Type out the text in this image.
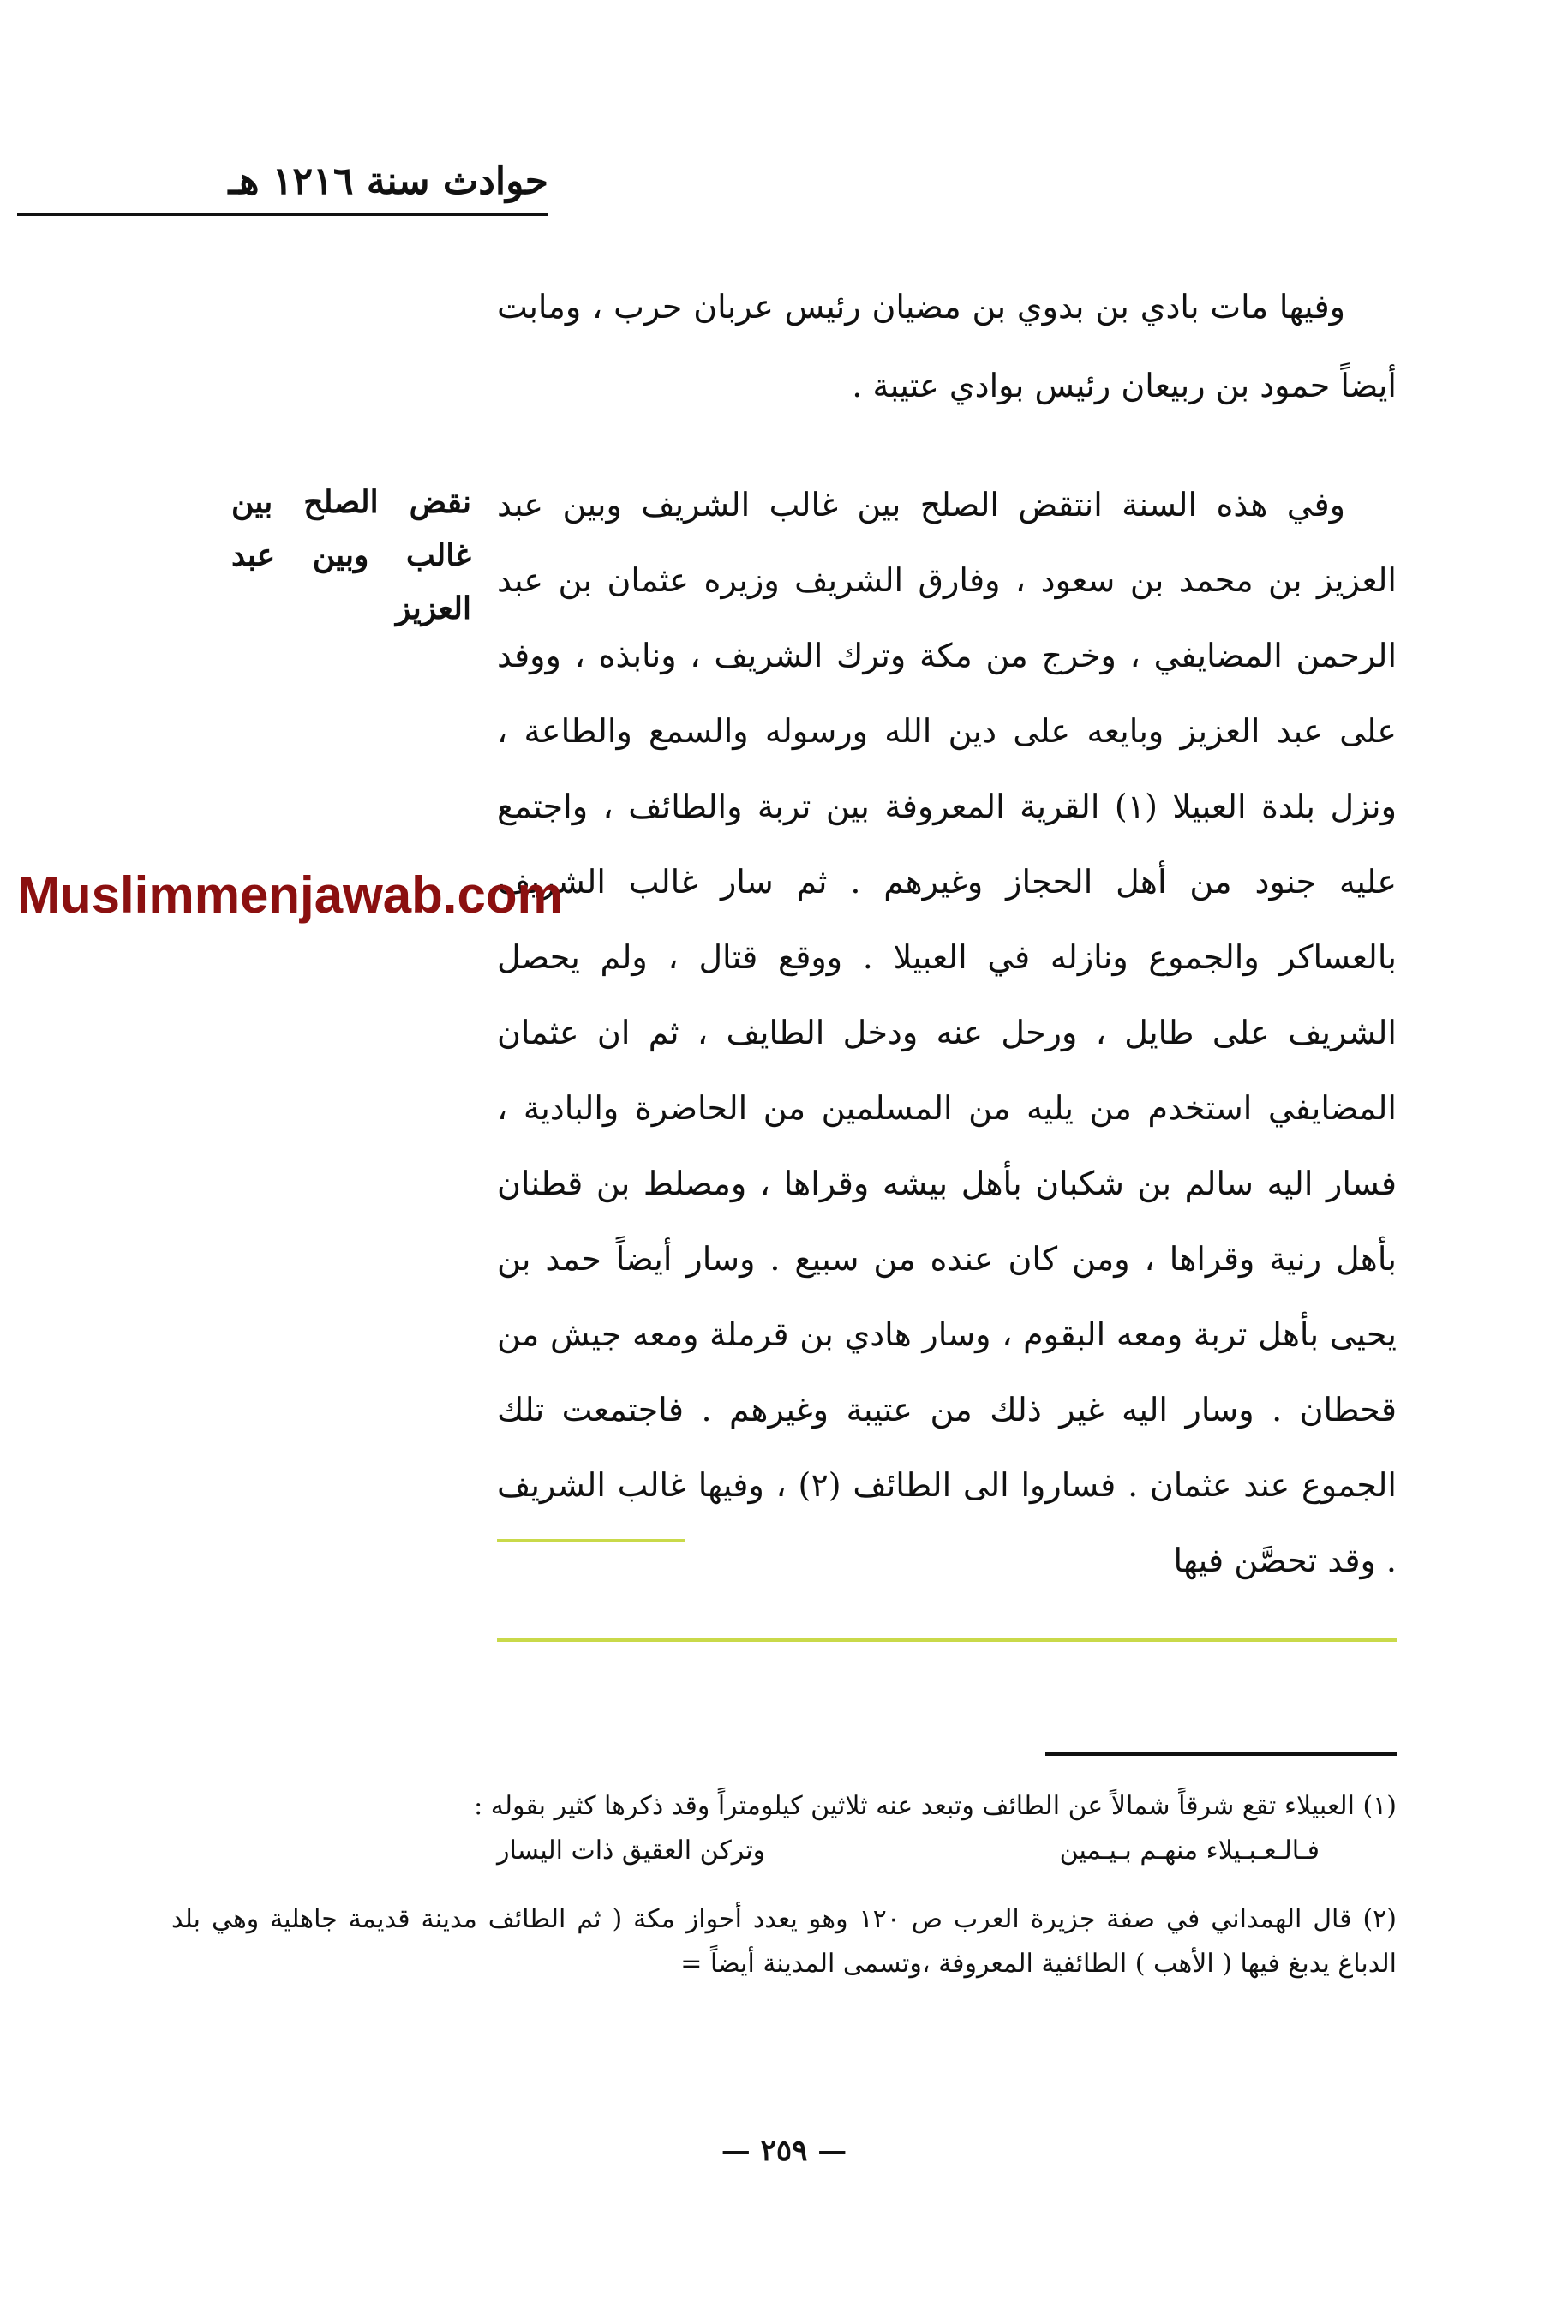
حوادث سنة ١٢١٦ هـ

وفيها مات بادي بن بدوي بن مضيان رئيس عربان حرب ، ومابت أيضاً حمود بن ربيعان رئيس بوادي عتيبة .

نقض الصلح بين غالب وبين عبد العزيز

وفي هذه السنة انتقض الصلح بين غالب الشريف وبين عبد العزيز بن محمد بن سعود ، وفارق الشريف وزيره عثمان بن عبد الرحمن المضايفي ، وخرج من مكة وترك الشريف ، ونابذه ، ووفد على عبد العزيز وبايعه على دين الله ورسوله والسمع والطاعة ، ونزل بلدة العبيلا (١) القرية المعروفة بين تربة والطائف ، واجتمع عليه جنود من أهل الحجاز وغيرهم . ثم سار غالب الشريف بالعساكر والجموع ونازله في العبيلا . ووقع قتال ، ولم يحصل الشريف على طايل ، ورحل عنه ودخل الطايف ، ثم ان عثمان المضايفي استخدم من يليه من المسلمين من الحاضرة والبادية ، فسار اليه سالم بن شكبان بأهل بيشه وقراها ، ومصلط بن قطنان بأهل رنية وقراها ، ومن كان عنده من سبيع . وسار أيضاً حمد بن يحيى بأهل تربة ومعه البقوم ، وسار هادي بن قرملة ومعه جيش من قحطان . وسار اليه غير ذلك من عتيبة وغيرهم . فاجتمعت تلك الجموع عند عثمان . فساروا الى الطائف (٢) ، وفيها غالب الشريف . وقد تحصَّن فيها

Muslimmenjawab.com

(١) العبيلاء تقع شرقاً شمالاً عن الطائف وتبعد عنه ثلاثين كيلومتراً وقد ذكرها كثير بقوله :

فـالـعـبـيلاء منهـم بـيـمين
وتركن العقيق ذات اليسار

(٢) قال الهمداني في صفة جزيرة العرب ص ١٢٠ وهو يعدد أحواز مكة ( ثم الطائف مدينة قديمة جاهلية وهي بلد الدباغ يدبغ فيها ( الأهب ) الطائفية المعروفة ،وتسمى المدينة أيضاً =

— ٢٥٩ —
